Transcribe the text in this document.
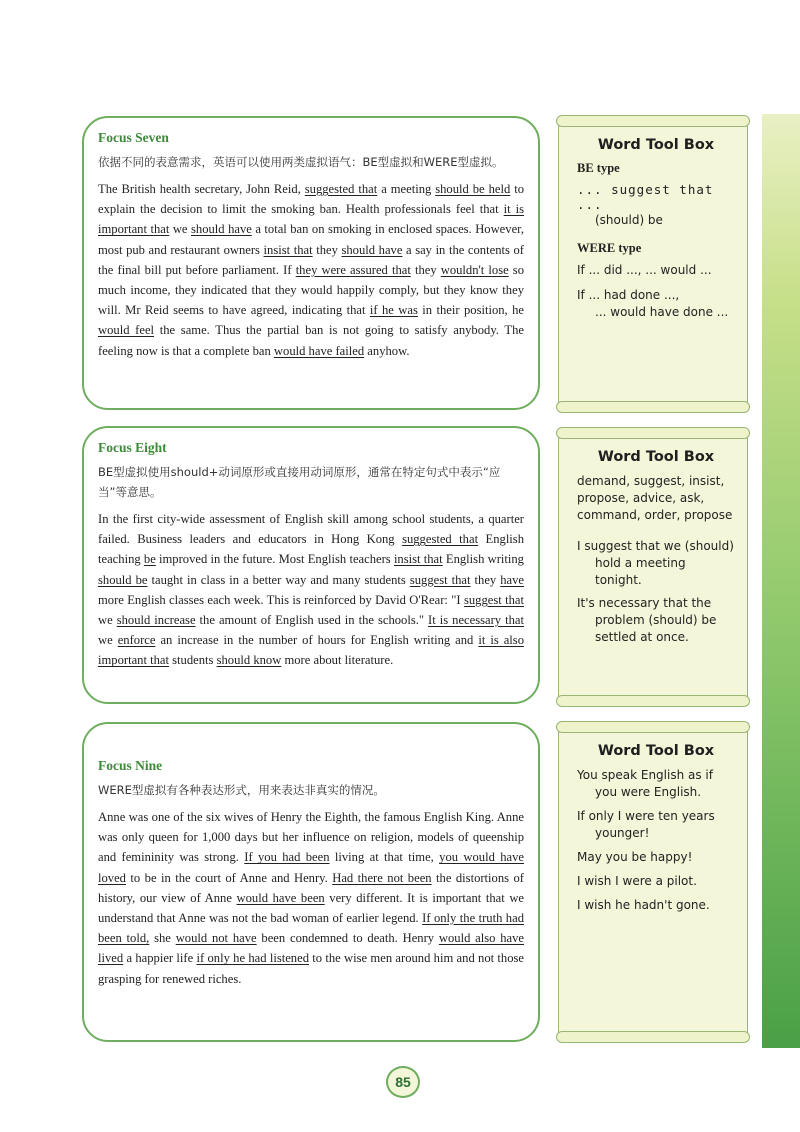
Focus Seven
依据不同的表意需求，英语可以使用两类虚拟语气：BE型虚拟和WERE型虚拟。

The British health secretary, John Reid, suggested that a meeting should be held to explain the decision to limit the smoking ban. Health professionals feel that it is important that we should have a total ban on smoking in enclosed spaces. However, most pub and restaurant owners insist that they should have a say in the contents of the final bill put before parliament. If they were assured that they wouldn't lose so much income, they indicated that they would happily comply, but they know they will. Mr Reid seems to have agreed, indicating that if he was in their position, he would feel the same. Thus the partial ban is not going to satisfy anybody. The feeling now is that a complete ban would have failed anyhow.

Word Tool Box
BE type
... suggest that ...
(should) be
WERE type
If ... did ..., ... would ...
If ... had done ...,
... would have done ...
Focus Eight
BE型虚拟使用should+动词原形或直接用动词原形，通常在特定句式中表示“应当”等意思。

In the first city-wide assessment of English skill among school students, a quarter failed. Business leaders and educators in Hong Kong suggested that English teaching be improved in the future. Most English teachers insist that English writing should be taught in class in a better way and many students suggest that they have more English classes each week. This is reinforced by David O'Rear: "I suggest that we should increase the amount of English used in the schools." It is necessary that we enforce an increase in the number of hours for English writing and it is also important that students should know more about literature.

Word Tool Box
demand, suggest, insist, propose, advice, ask, command, order, propose
I suggest that we (should) hold a meeting tonight.
It's necessary that the problem (should) be settled at once.
Focus Nine
WERE型虚拟有各种表达形式，用来表达非真实的情况。

Anne was one of the six wives of Henry the Eighth, the famous English King. Anne was only queen for 1,000 days but her influence on religion, models of queenship and femininity was strong. If you had been living at that time, you would have loved to be in the court of Anne and Henry. Had there not been the distortions of history, our view of Anne would have been very different. It is important that we understand that Anne was not the bad woman of earlier legend. If only the truth had been told, she would not have been condemned to death. Henry would also have lived a happier life if only he had listened to the wise men around him and not those grasping for renewed riches.

Word Tool Box
You speak English as if you were English.
If only I were ten years younger!
May you be happy!
I wish I were a pilot.
I wish he hadn't gone.
85
